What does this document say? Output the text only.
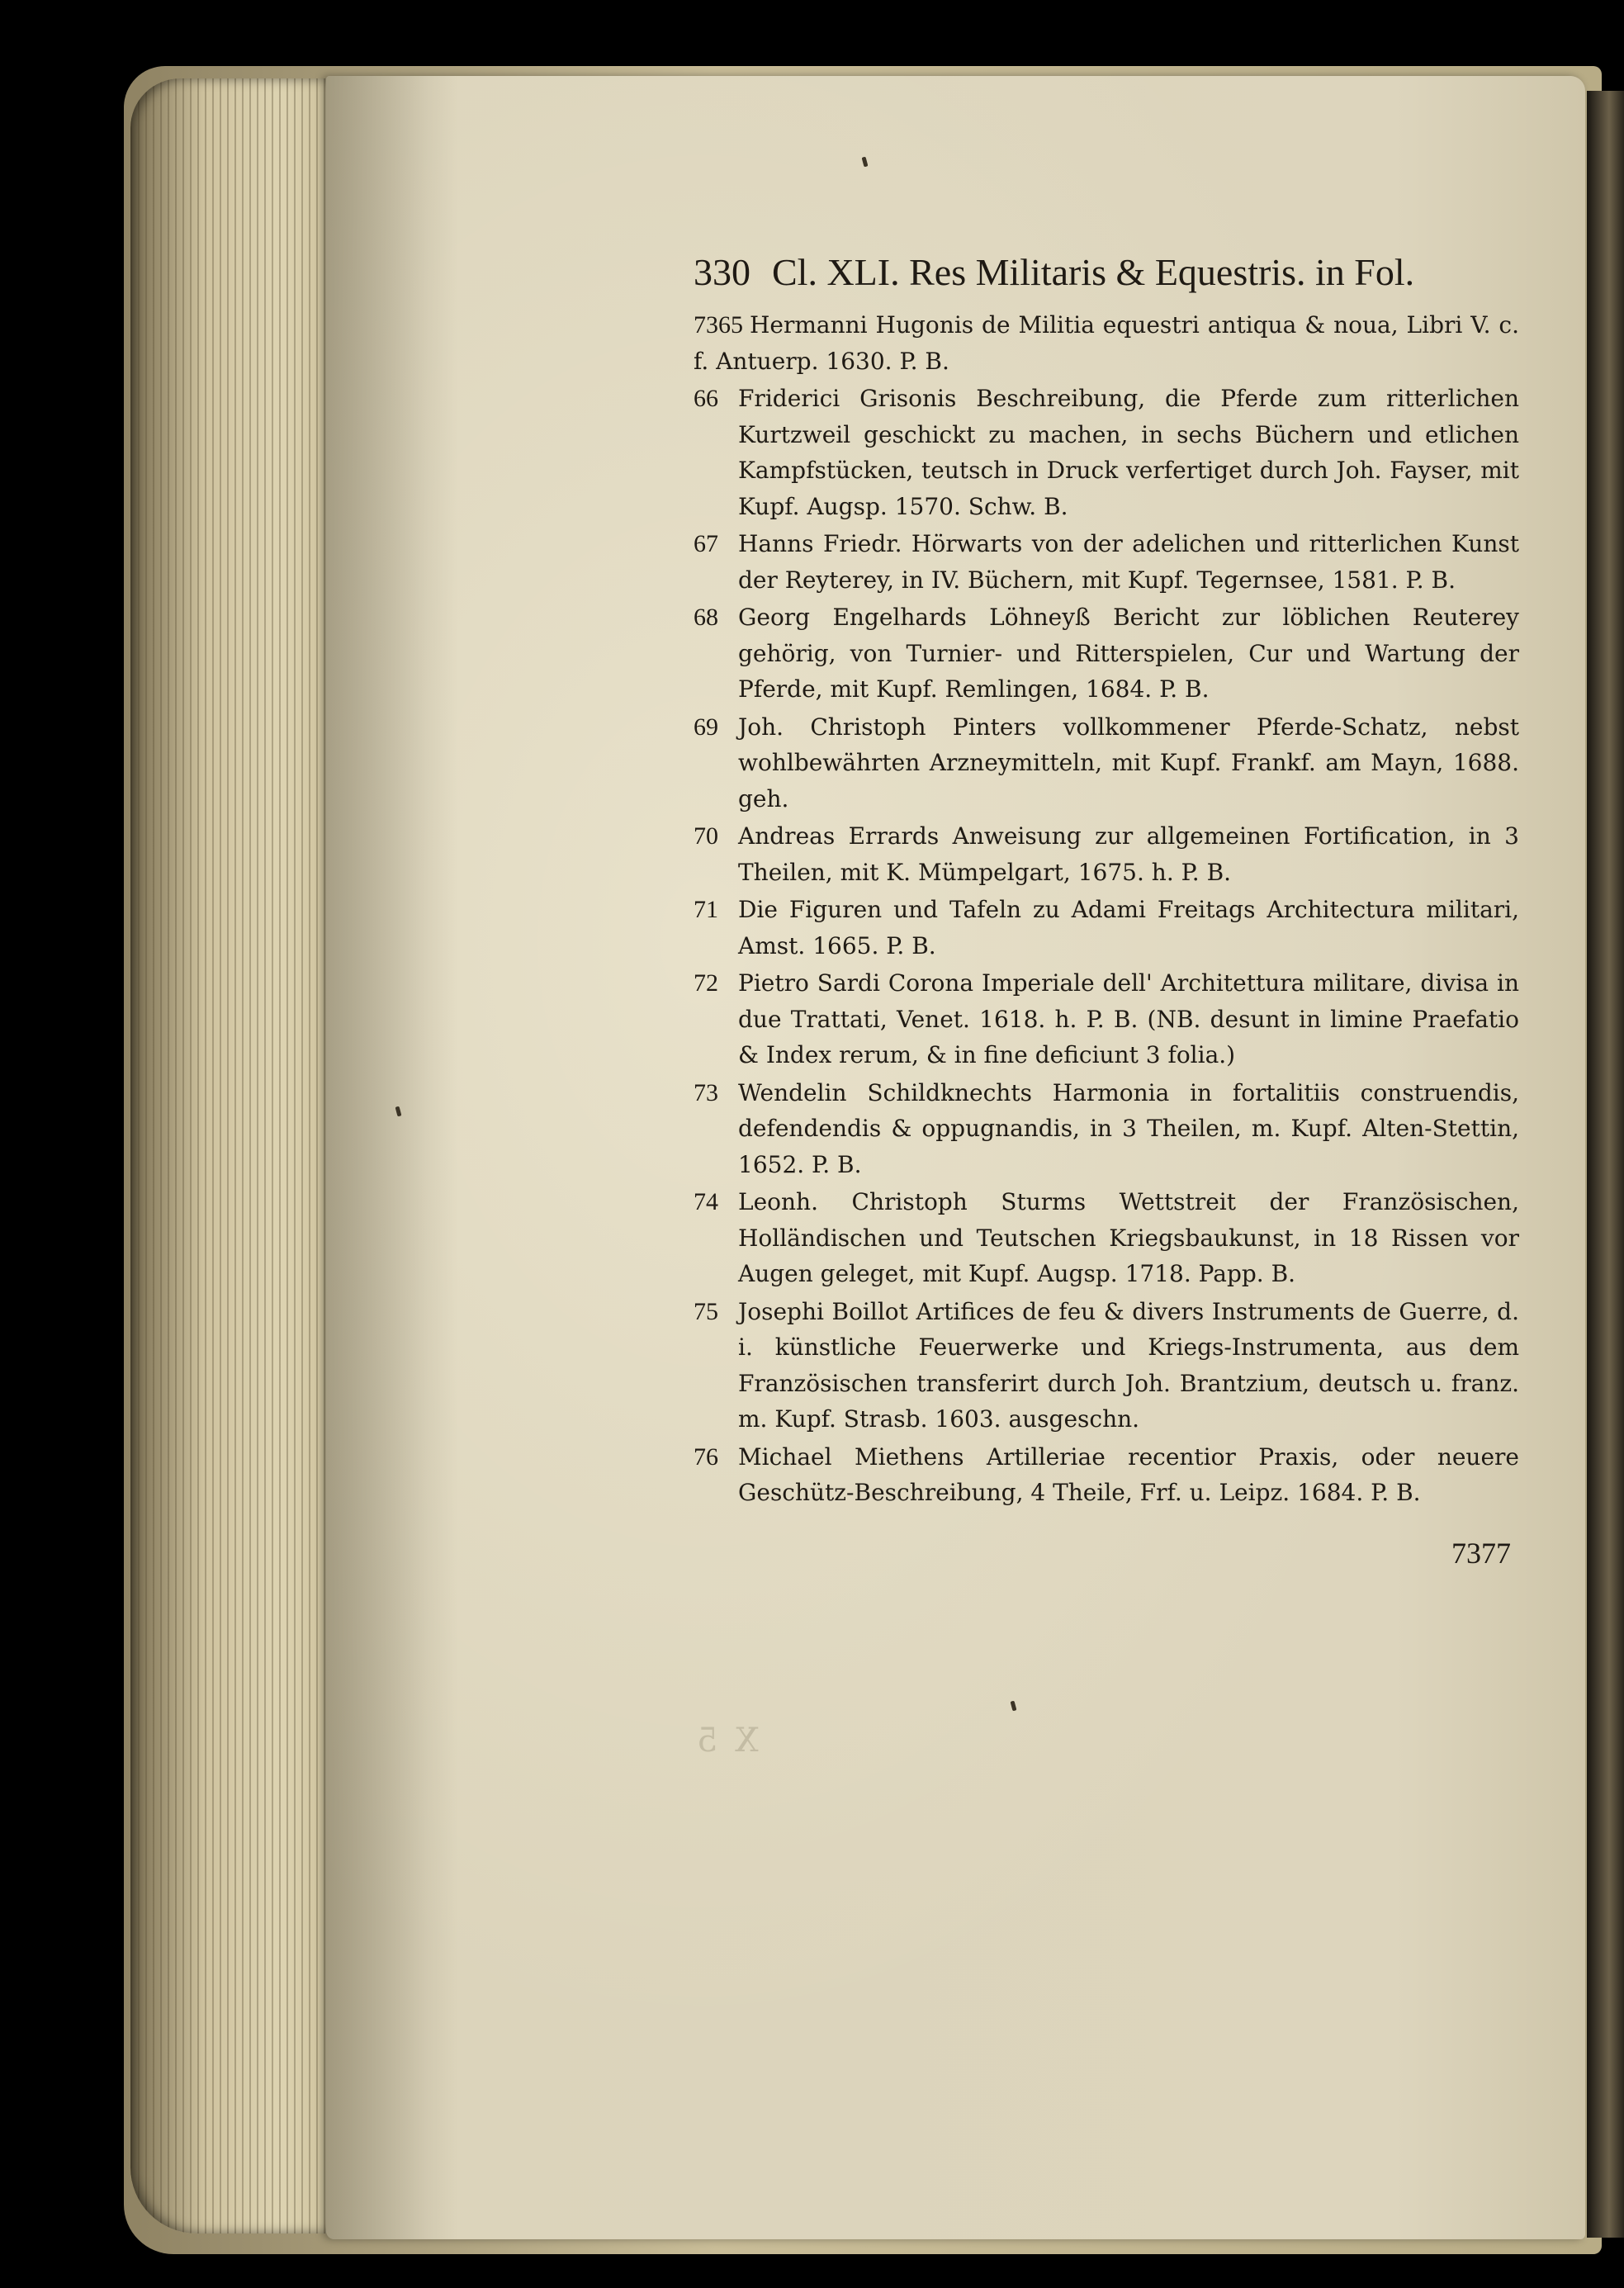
X 5
330 Cl. XLI. Res Militaris & Equestris. in Fol.
7365 Hermanni Hugonis de Militia equestri antiqua & noua, Libri V. c. f. Antuerp. 1630. P. B.
66 Friderici Grisonis Beschreibung, die Pferde zum ritterlichen Kurtzweil geschickt zu machen, in sechs Büchern und etlichen Kampfstücken, teutsch in Druck verfertiget durch Joh. Fayser, mit Kupf. Augsp. 1570. Schw. B.
67 Hanns Friedr. Hörwarts von der adelichen und ritterlichen Kunst der Reyterey, in IV. Büchern, mit Kupf. Tegernsee, 1581. P. B.
68 Georg Engelhards Löhneyß Bericht zur löblichen Reuterey gehörig, von Turnier- und Ritterspielen, Cur und Wartung der Pferde, mit Kupf. Remlingen, 1684. P. B.
69 Joh. Christoph Pinters vollkommener Pferde-Schatz, nebst wohlbewährten Arzneymitteln, mit Kupf. Frankf. am Mayn, 1688. geh.
70 Andreas Errards Anweisung zur allgemeinen Fortification, in 3 Theilen, mit K. Mümpelgart, 1675. h. P. B.
71 Die Figuren und Tafeln zu Adami Freitags Architectura militari, Amst. 1665. P. B.
72 Pietro Sardi Corona Imperiale dell' Architettura militare, divisa in due Trattati, Venet. 1618. h. P. B. (NB. desunt in limine Praefatio & Index rerum, & in fine deficiunt 3 folia.)
73 Wendelin Schildknechts Harmonia in fortalitiis construendis, defendendis & oppugnandis, in 3 Theilen, m. Kupf. Alten-Stettin, 1652. P. B.
74 Leonh. Christoph Sturms Wettstreit der Französischen, Holländischen und Teutschen Kriegsbaukunst, in 18 Rissen vor Augen geleget, mit Kupf. Augsp. 1718. Papp. B.
75 Josephi Boillot Artifices de feu & divers Instruments de Guerre, d. i. künstliche Feuerwerke und Kriegs-Instrumenta, aus dem Französischen transferirt durch Joh. Brantzium, deutsch u. franz. m. Kupf. Strasb. 1603. ausgeschn.
76 Michael Miethens Artilleriae recentior Praxis, oder neuere Geschütz-Beschreibung, 4 Theile, Frf. u. Leipz. 1684. P. B.
7377
